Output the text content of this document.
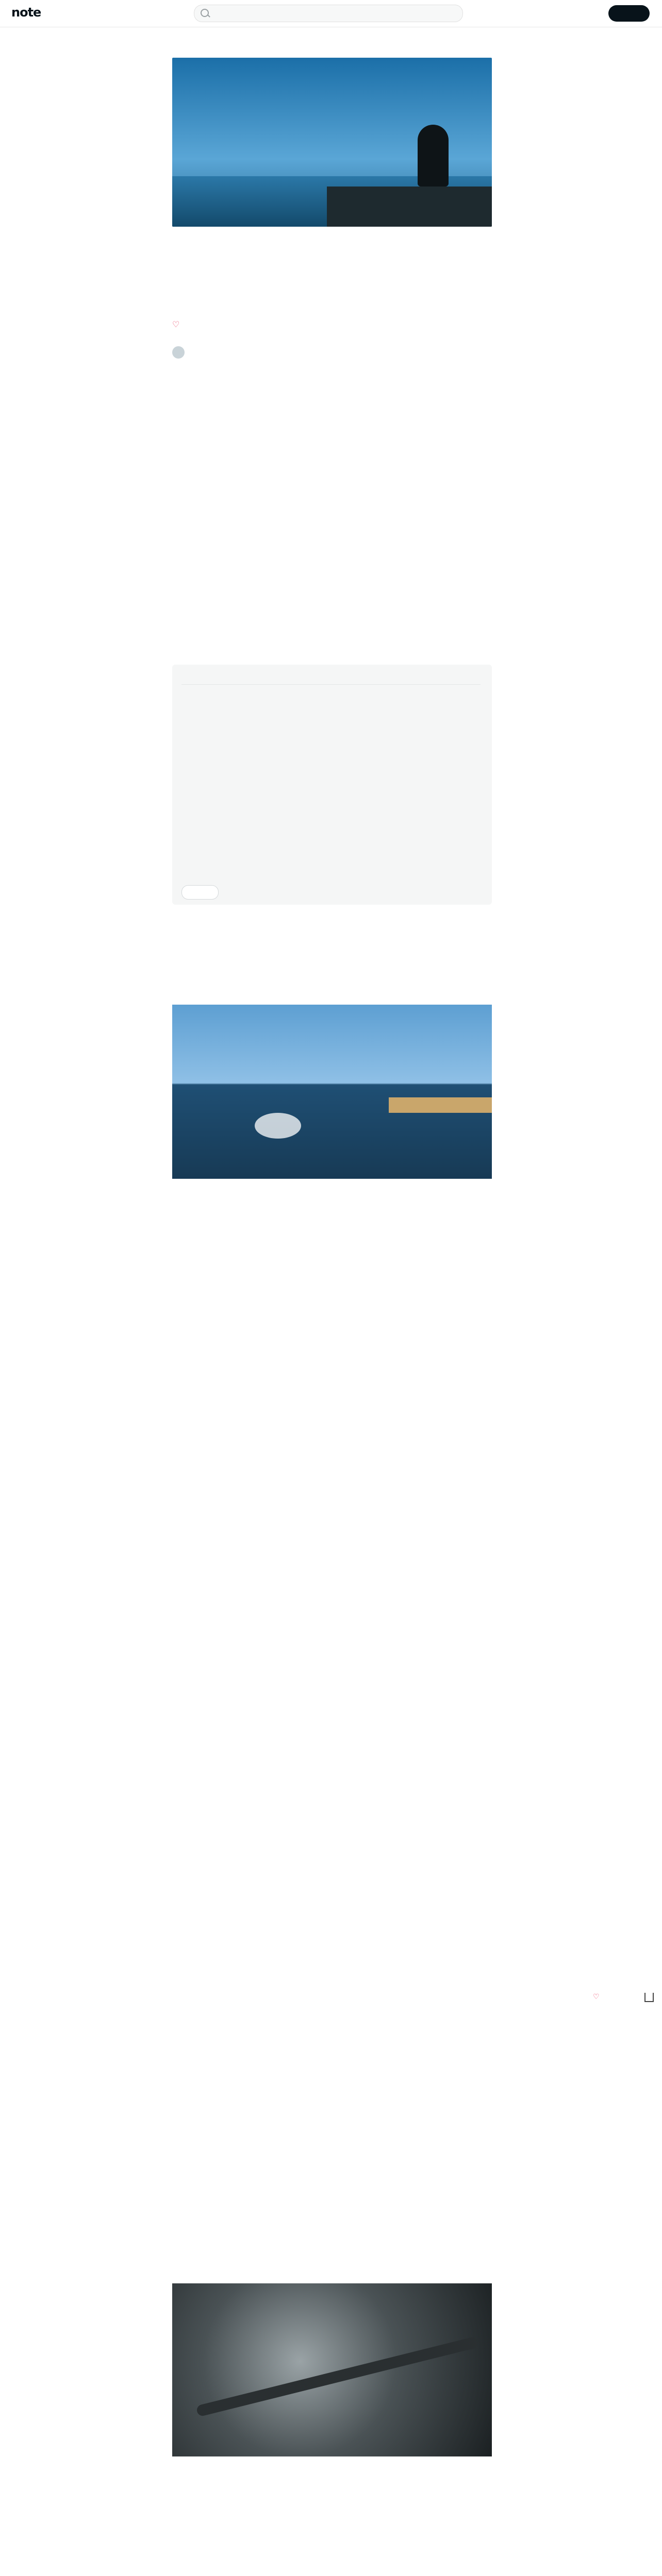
note
♡
♡
